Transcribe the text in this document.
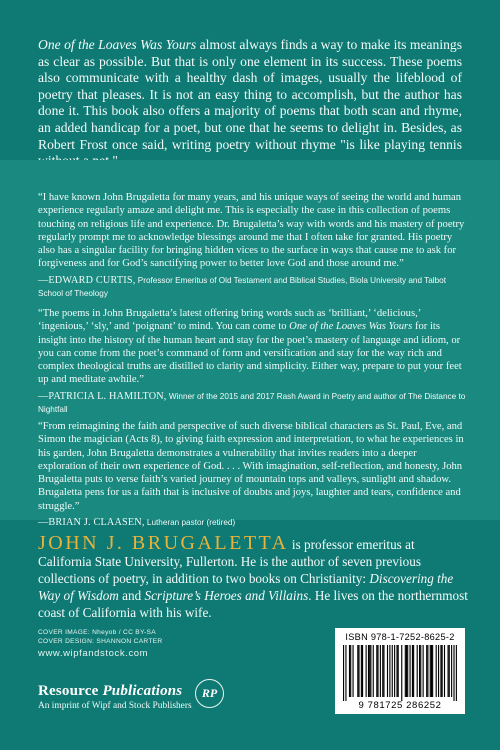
One of the Loaves Was Yours almost always finds a way to make its meanings as clear as possible. But that is only one element in its success. These poems also communicate with a healthy dash of images, usually the lifeblood of poetry that pleases. It is not an easy thing to accomplish, but the author has done it. This book also offers a majority of poems that both scan and rhyme, an added handicap for a poet, but one that he seems to delight in. Besides, as Robert Frost once said, writing poetry without rhyme "is like playing tennis

“I have known John Brugaletta for many years, and his unique ways of seeing the world and human experience regularly amaze and delight me. This is especially the case in this collection of poems touching on religious life and experience. Dr. Brugaletta’s way with words and his mastery of poetry regularly prompt me to acknowledge blessings around me that I often take for granted. His poetry also has a singular facility for bringing hidden vices to the surface in ways that cause me to ask for forgiveness and for God’s sanctifying power to better love God and those around me.”
—EDWARD CURTIS, Professor Emeritus of Old Testament and Biblical Studies, Biola University and Talbot School of Theology
“The poems in John Brugaletta’s latest offering bring words such as ‘brilliant,’ ‘delicious,’ ‘ingenious,’ ‘sly,’ and ‘poignant’ to mind. You can come to One of the Loaves Was Yours for its insight into the history of the human heart and stay for the poet’s mastery of language and idiom, or you can come from the poet’s command of form and versification and stay for the way rich and complex theological truths are distilled to clarity and simplicity. Either way, prepare to put your feet up and meditate awhile.”
—PATRICIA L. HAMILTON, Winner of the 2015 and 2017 Rash Award in Poetry and author of The Distance to Nightfall
“From reimagining the faith and perspective of such diverse biblical characters as St. Paul, Eve, and Simon the magician (Acts 8), to giving faith expression and interpretation, to what he experiences in his garden, John Brugaletta demonstrates a vulnerability that invites readers into a deeper exploration of their own experience of God. . . . With imagination, self-reflection, and honesty, John Brugaletta puts to verse faith’s varied journey of mountain tops and valleys, sunlight and shadow. Brugaletta pens for us a faith that is inclusive of doubts and joys, laughter and tears, confidence and struggle.”
—BRIAN J. CLAASEN, Lutheran pastor (retired)
JOHN J. BRUGALETTA is professor emeritus at California State University, Fullerton. He is the author of seven previous collections of poetry, in addition to two books on Christianity: Discovering the Way of Wisdom and Scripture’s Heroes and Villains. He lives on the northernmost coast of California with his wife.
COVER IMAGE: Nheyob / CC BY-SA
COVER DESIGN: SHANNON CARTER
www.wipfandstock.com
Resource Publications
An imprint of Wipf and Stock Publishers
RP
ISBN 978-1-7252-8625-2
9 781725 286252
